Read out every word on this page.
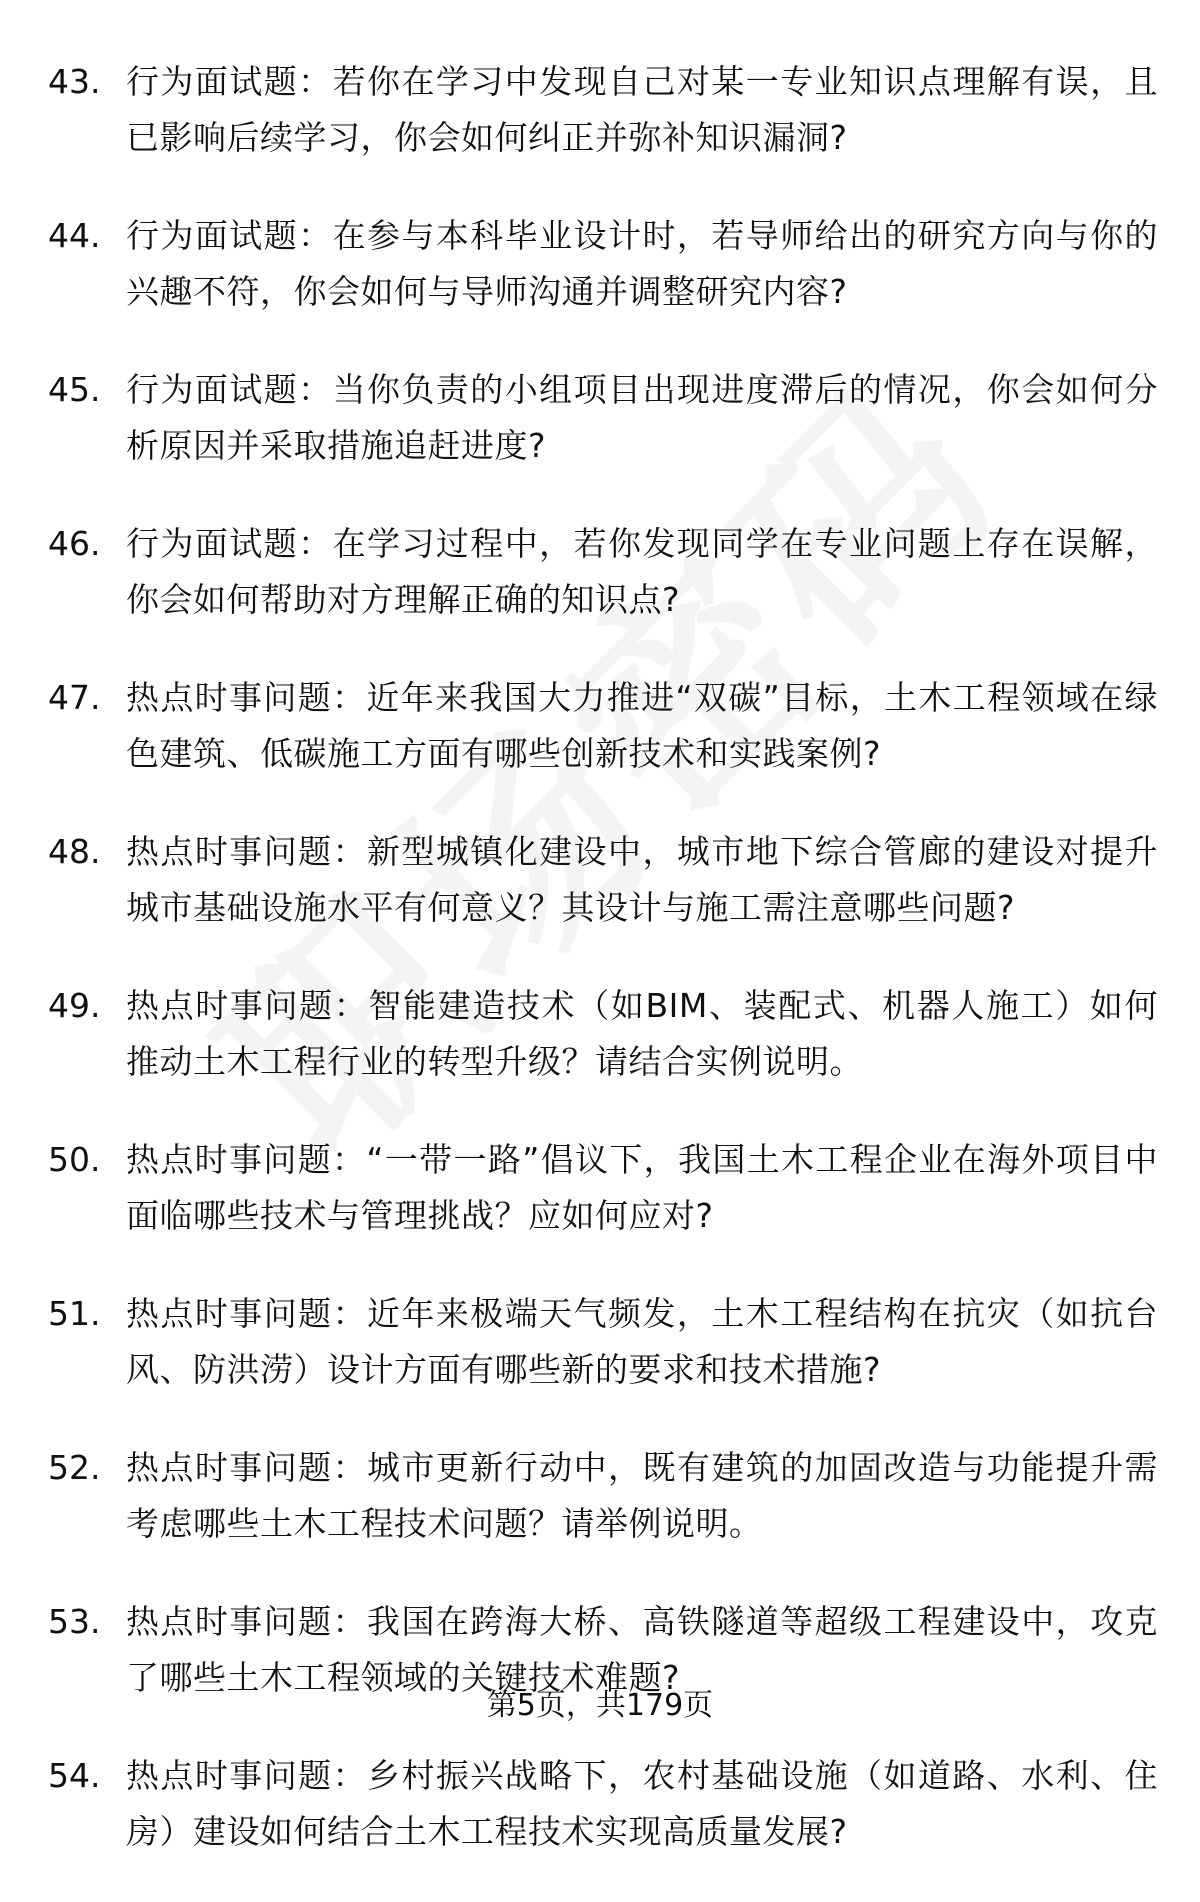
43. 行为面试题：若你在学习中发现自己对某一专业知识点理解有误，且已影响后续学习，你会如何纠正并弥补知识漏洞?
44. 行为面试题：在参与本科毕业设计时，若导师给出的研究方向与你的兴趣不符，你会如何与导师沟通并调整研究内容?
45. 行为面试题：当你负责的小组项目出现进度滞后的情况，你会如何分析原因并采取措施追赶进度?
46. 行为面试题：在学习过程中，若你发现同学在专业问题上存在误解，你会如何帮助对方理解正确的知识点?
47. 热点时事问题：近年来我国大力推进“双碳”目标，土木工程领域在绿色建筑、低碳施工方面有哪些创新技术和实践案例?
48. 热点时事问题：新型城镇化建设中，城市地下综合管廊的建设对提升城市基础设施水平有何意义？其设计与施工需注意哪些问题?
49. 热点时事问题：智能建造技术（如BIM、装配式、机器人施工）如何推动土木工程行业的转型升级？请结合实例说明。
50. 热点时事问题：“一带一路”倡议下，我国土木工程企业在海外项目中面临哪些技术与管理挑战？应如何应对?
51. 热点时事问题：近年来极端天气频发，土木工程结构在抗灾（如抗台风、防洪涝）设计方面有哪些新的要求和技术措施?
52. 热点时事问题：城市更新行动中，既有建筑的加固改造与功能提升需考虑哪些土木工程技术问题？请举例说明。
53. 热点时事问题：我国在跨海大桥、高铁隧道等超级工程建设中，攻克了哪些土木工程领域的关键技术难题?
54. 热点时事问题：乡村振兴战略下，农村基础设施（如道路、水利、住房）建设如何结合土木工程技术实现高质量发展?
第5页，共179页
